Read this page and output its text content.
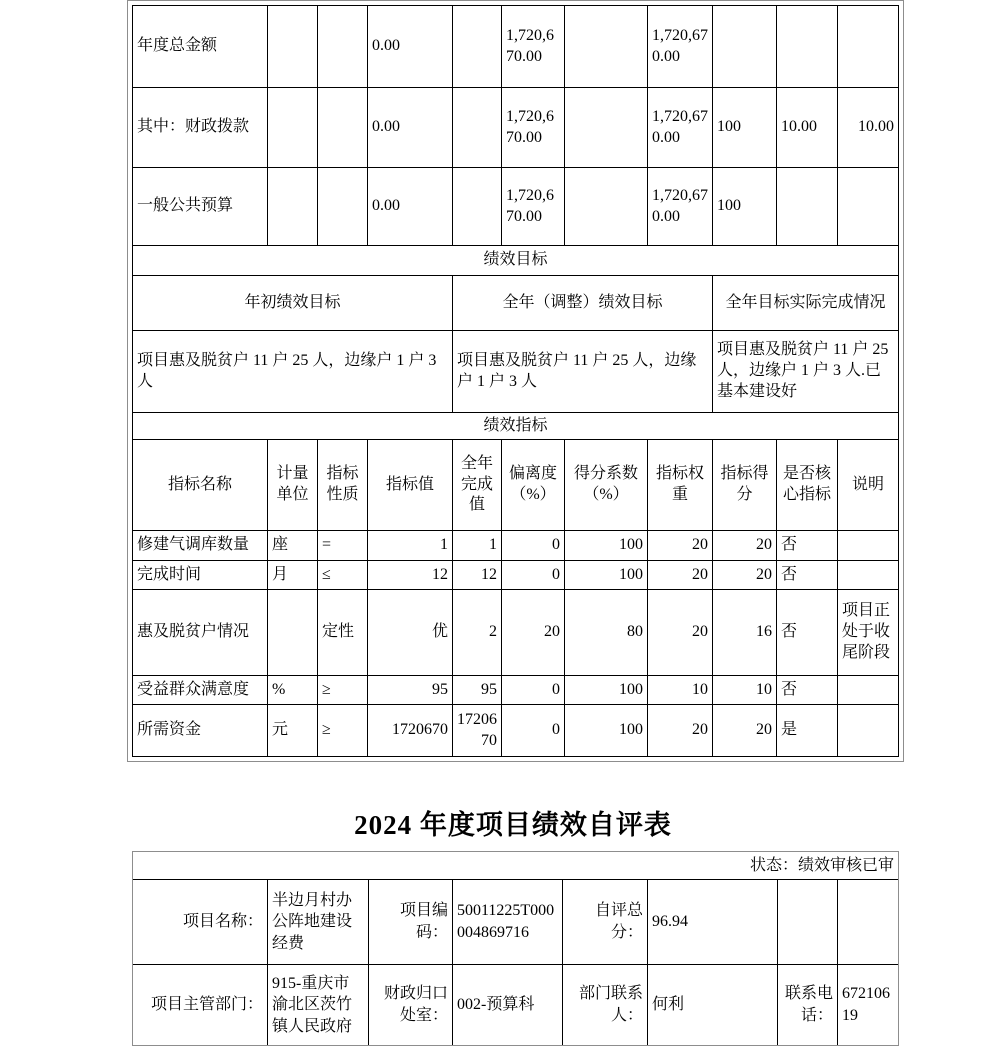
年度总金额			0.00		1,720,670.00		1,720,670.00			
其中：财政拨款			0.00		1,720,670.00		1,720,670.00	100	10.00	10.00
一般公共预算			0.00		1,720,670.00		1,720,670.00	100		
绩效目标										
年初绩效目标				全年（调整）绩效目标				全年目标实际完成情况		
项目惠及脱贫户 11 户 25 人，边缘户 1 户 3 人				项目惠及脱贫户 11 户 25 人，边缘户 1 户 3 人				项目惠及脱贫户 11 户 25 人，边缘户 1 户 3 人.已基本建设好		
绩效指标										
指标名称	计量单位	指标性质	指标值	全年完成值	偏离度（%）	得分系数（%）	指标权重	指标得分	是否核心指标	说明
修建气调库数量	座	=	1	1	0	100	20	20	否	
完成时间	月	≤	12	12	0	100	20	20	否	
惠及脱贫户情况		定性	优	2	20	80	20	16	否	项目正处于收尾阶段
受益群众满意度	%	≥	95	95	0	100	10	10	否	
所需资金	元	≥	1720670	1720670	0	100	20	20	是	
2024 年度项目绩效自评表
状态：绩效审核已审							
项目名称：	半边月村办公阵地建设经费	项目编码：	50011225T000004869716	自评总分：	96.94		
项目主管部门：	915-重庆市渝北区茨竹镇人民政府	财政归口处室：	002-预算科	部门联系人：	何利	联系电话：	67210619
